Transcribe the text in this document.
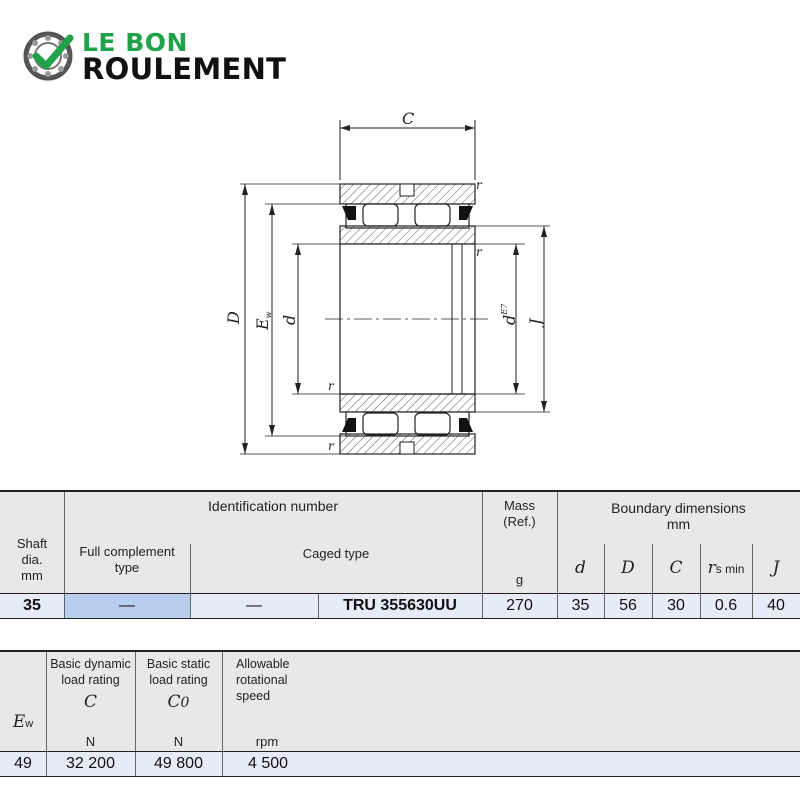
LE BON
ROULEMENT
C
D
Ew d	$d^{E7}$
J
r
r
r
r
Shaft
dia.
mm
Identification number
Full complement
type
Caged type
Mass
(Ref.)
g
Boundary dimensions
mm
d	D	C	rs min	J
35	—	—	TRU 355630UU	270	35	56	30	0.6	40
Ew
Basic dynamic
load rating
C
N
Basic static
load rating
C0
N
Allowable
rotational
speed
rpm
49	32 200	49 800	4 500
